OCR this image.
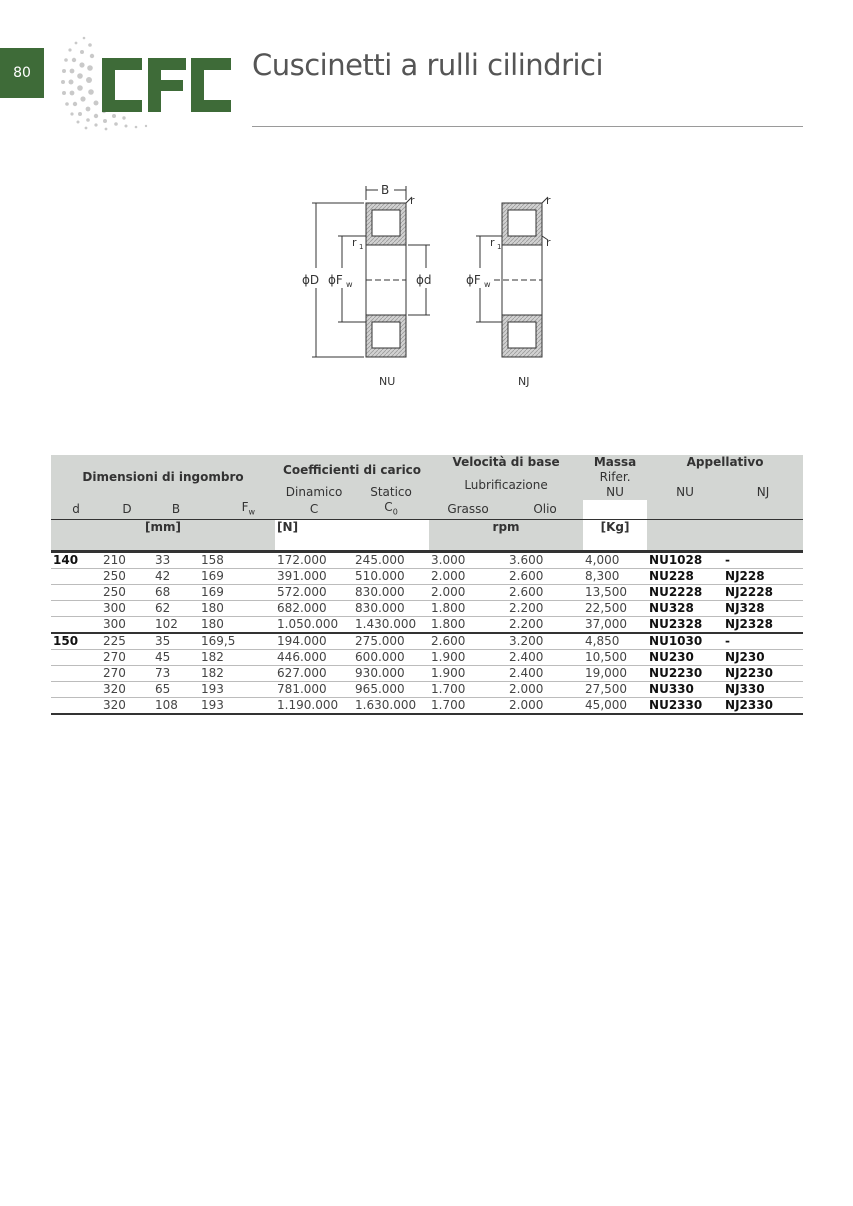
80
CFC
Cuscinetti a rulli cilindrici
B
r
r 1
ϕD ϕF w	ϕd	ϕF w
r
r 1	r
NU	NJ
Dimensioni di ingombro				Coefficienti di carico		Velocità di base		Massa	Appellativo	
						Lubrificazione		Rifer.		
				Dinamico	Statico			NU	NU	NJ
d	D	B	$F_w$	C	$C_0$	Grasso	Olio			
[mm]				[N]		rpm		[Kg]		

140	210	33	158	172.000	245.000	3.000	3.600	4,000	NU1028	-
	250	42	169	391.000	510.000	2.000	2.600	8,300	NU228	NJ228
	250	68	169	572.000	830.000	2.000	2.600	13,500	NU2228	NJ2228
	300	62	180	682.000	830.000	1.800	2.200	22,500	NU328	NJ328
	300	102	180	1.050.000	1.430.000	1.800	2.200	37,000	NU2328	NJ2328
150	225	35	169,5	194.000	275.000	2.600	3.200	4,850	NU1030	-
	270	45	182	446.000	600.000	1.900	2.400	10,500	NU230	NJ230
	270	73	182	627.000	930.000	1.900	2.400	19,000	NU2230	NJ2230
	320	65	193	781.000	965.000	1.700	2.000	27,500	NU330	NJ330
	320	108	193	1.190.000	1.630.000	1.700	2.000	45,000	NU2330	NJ2330
